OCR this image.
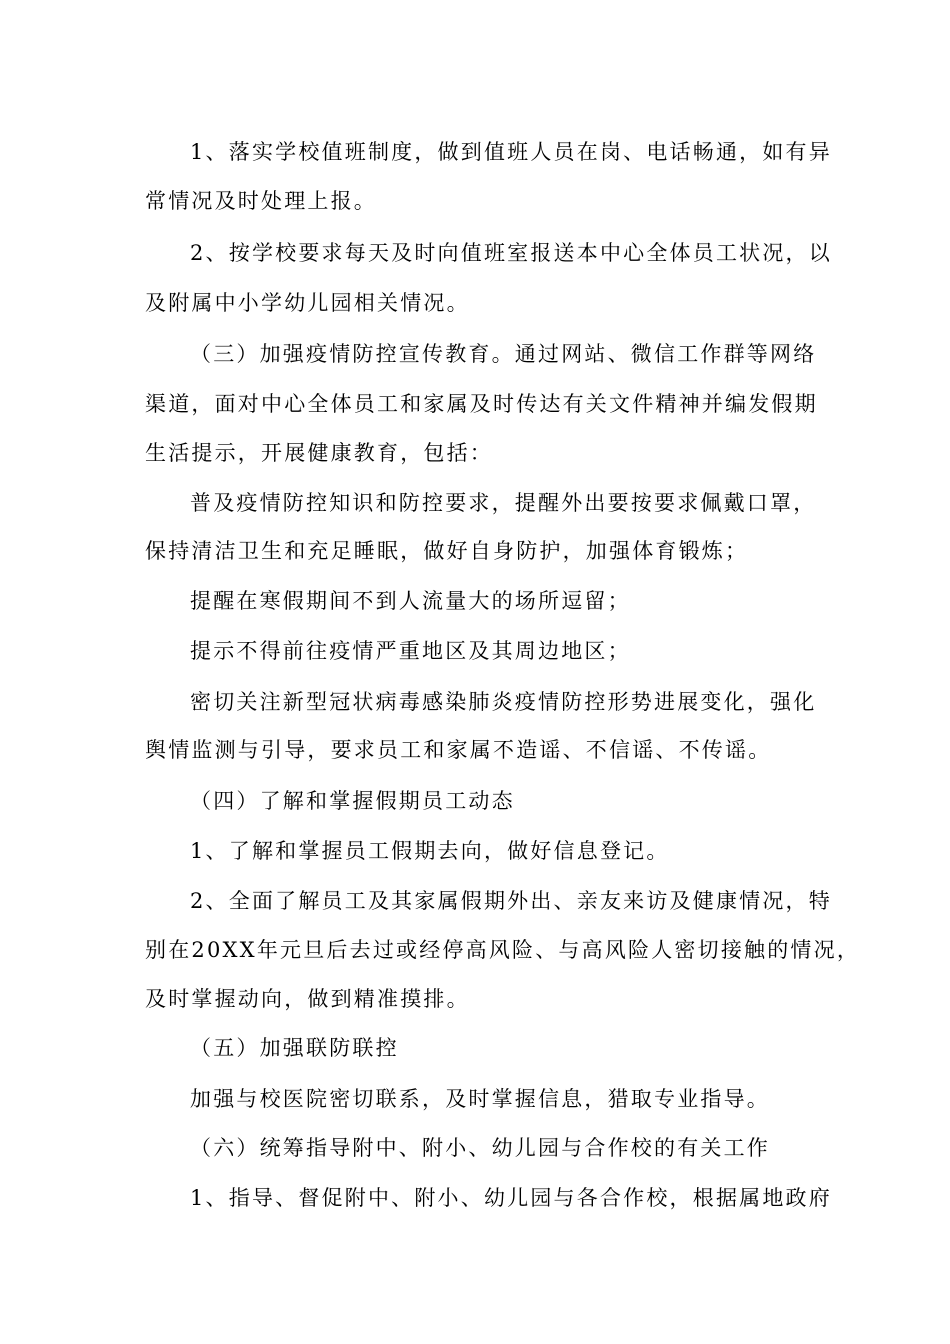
1、落实学校值班制度，做到值班人员在岗、电话畅通，如有异

常情况及时处理上报。

2、按学校要求每天及时向值班室报送本中心全体员工状况，以

及附属中小学幼儿园相关情况。

（三）加强疫情防控宣传教育。通过网站、微信工作群等网络

渠道，面对中心全体员工和家属及时传达有关文件精神并编发假期

生活提示，开展健康教育，包括：

普及疫情防控知识和防控要求，提醒外出要按要求佩戴口罩，

保持清洁卫生和充足睡眠，做好自身防护，加强体育锻炼；

提醒在寒假期间不到人流量大的场所逗留；

提示不得前往疫情严重地区及其周边地区；

密切关注新型冠状病毒感染肺炎疫情防控形势进展变化，强化

舆情监测与引导，要求员工和家属不造谣、不信谣、不传谣。

（四）了解和掌握假期员工动态

1、了解和掌握员工假期去向，做好信息登记。

2、全面了解员工及其家属假期外出、亲友来访及健康情况，特

别在20XX年元旦后去过或经停高风险、与高风险人密切接触的情况，

及时掌握动向，做到精准摸排。

（五）加强联防联控

加强与校医院密切联系，及时掌握信息，猎取专业指导。

（六）统筹指导附中、附小、幼儿园与合作校的有关工作

1、指导、督促附中、附小、幼儿园与各合作校，根据属地政府
